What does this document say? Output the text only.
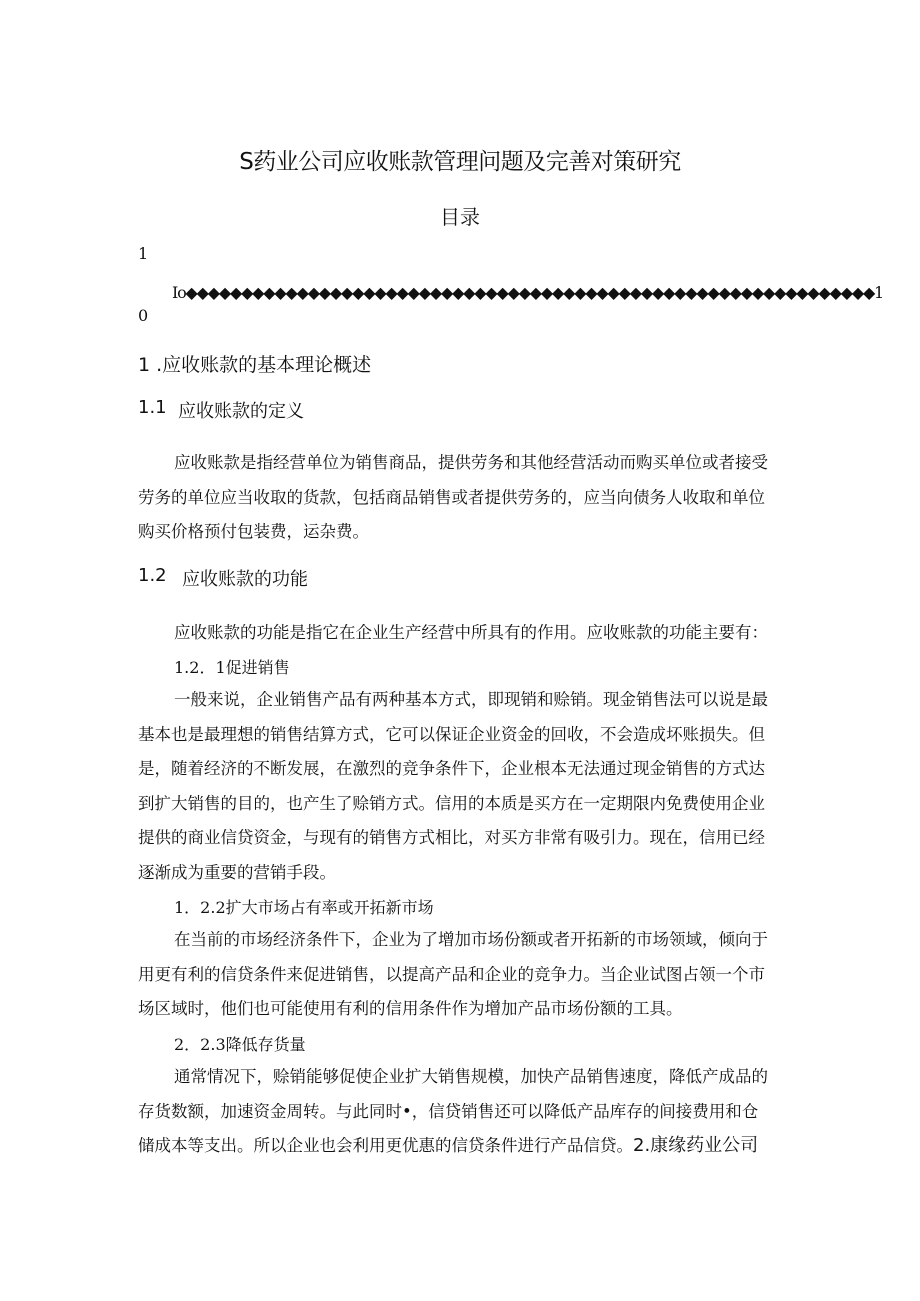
S药业公司应收账款管理问题及完善对策研究
目录
1
Io◆◆◆◆◆◆◆◆◆◆◆◆◆◆◆◆◆◆◆◆◆◆◆◆◆◆◆◆◆◆◆◆◆◆◆◆◆◆◆◆◆◆◆◆◆◆◆◆◆◆◆◆◆◆◆◆◆◆◆◆◆◆1
0
1 .应收账款的基本理论概述
1.1 应收账款的定义
应收账款是指经营单位为销售商品，提供劳务和其他经营活动而购买单位或者接受
劳务的单位应当收取的货款，包括商品销售或者提供劳务的，应当向债务人收取和单位
购买价格预付包装费，运杂费。
1.2 应收账款的功能
应收账款的功能是指它在企业生产经营中所具有的作用。应收账款的功能主要有：
1.2．1促进销售
一般来说，企业销售产品有两种基本方式，即现销和赊销。现金销售法可以说是最
基本也是最理想的销售结算方式，它可以保证企业资金的回收，不会造成坏账损失。但
是，随着经济的不断发展，在激烈的竞争条件下，企业根本无法通过现金销售的方式达
到扩大销售的目的，也产生了赊销方式。信用的本质是买方在一定期限内免费使用企业
提供的商业信贷资金，与现有的销售方式相比，对买方非常有吸引力。现在，信用已经
逐渐成为重要的营销手段。
1．2.2扩大市场占有率或开拓新市场
在当前的市场经济条件下，企业为了增加市场份额或者开拓新的市场领域，倾向于
用更有利的信贷条件来促进销售，以提高产品和企业的竞争力。当企业试图占领一个市
场区域时，他们也可能使用有利的信用条件作为增加产品市场份额的工具。
2．2.3降低存货量
通常情况下，赊销能够促使企业扩大销售规模，加快产品销售速度，降低产成品的
存货数额，加速资金周转。与此同时•，信贷销售还可以降低产品库存的间接费用和仓
储成本等支出。所以企业也会利用更优惠的信贷条件进行产品信贷。2.康缘药业公司
